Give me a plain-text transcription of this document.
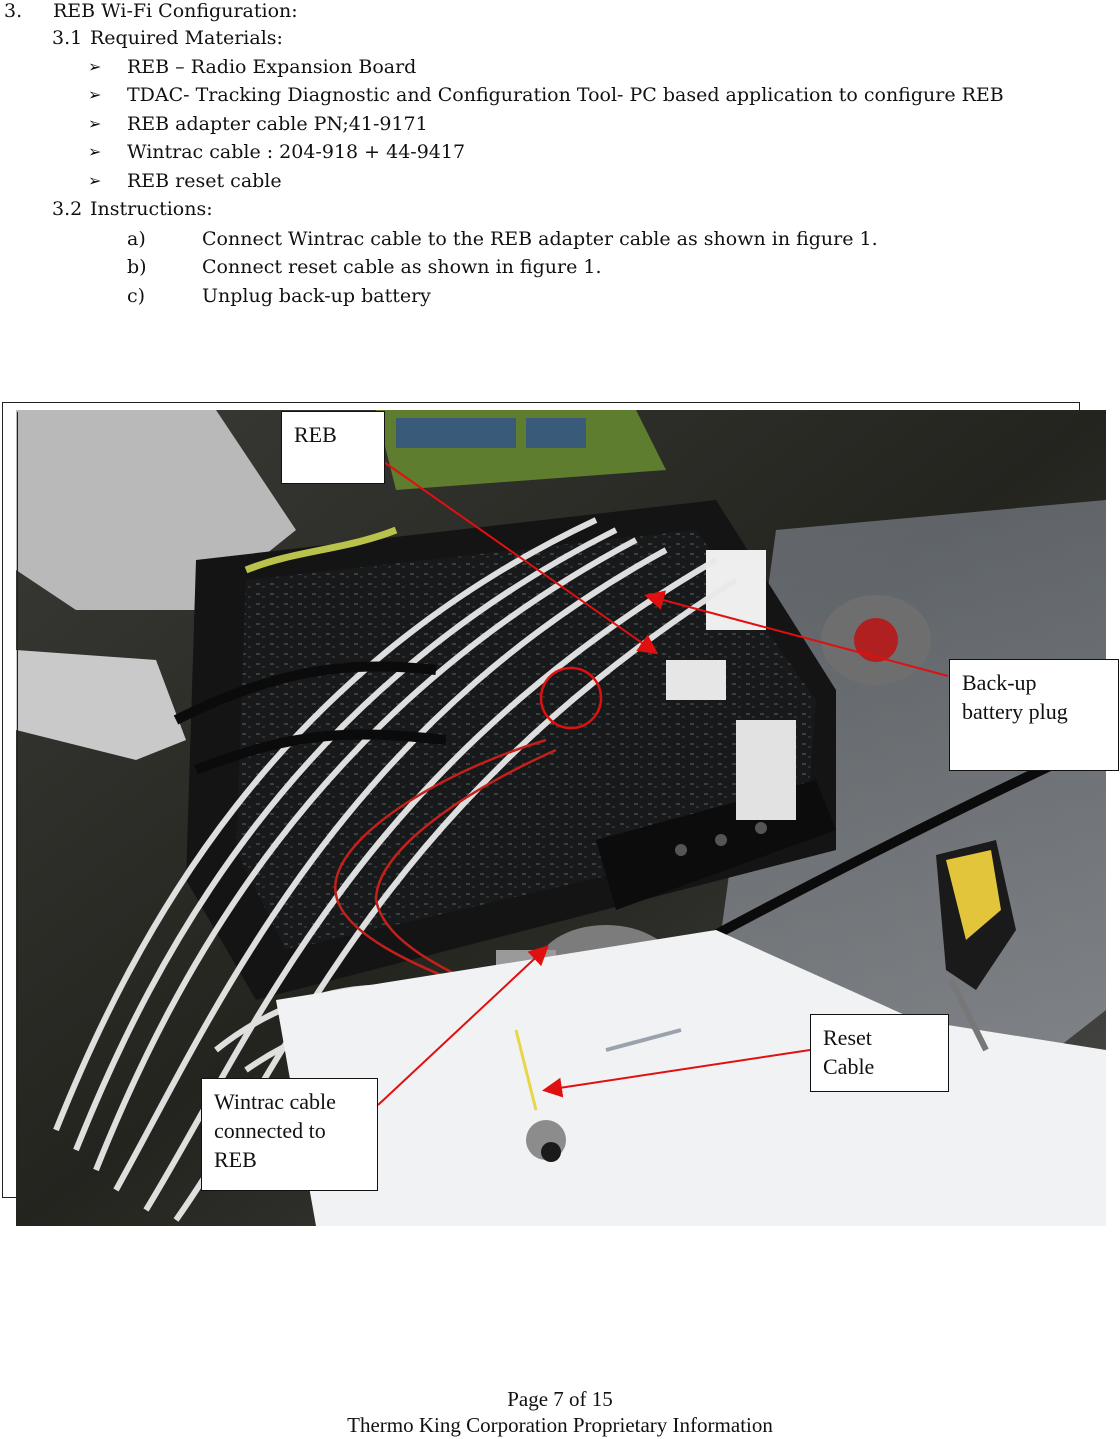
3. REB Wi-Fi Configuration:
3.1 Required Materials:
➢ REB – Radio Expansion Board
➢ TDAC- Tracking Diagnostic and Configuration Tool- PC based application to configure REB
➢ REB adapter cable PN;41-9171
➢ Wintrac cable : 204-918 + 44-9417
➢ REB reset cable
3.2 Instructions:
a)	Connect Wintrac cable to the REB adapter cable as shown in figure 1.
b)	Connect reset cable as shown in figure 1.
c)	Unplug back-up battery
REB
Back-up
battery plug
Reset
Cable
Wintrac cable
connected to
REB
Page 7 of 15
Thermo King Corporation Proprietary Information
